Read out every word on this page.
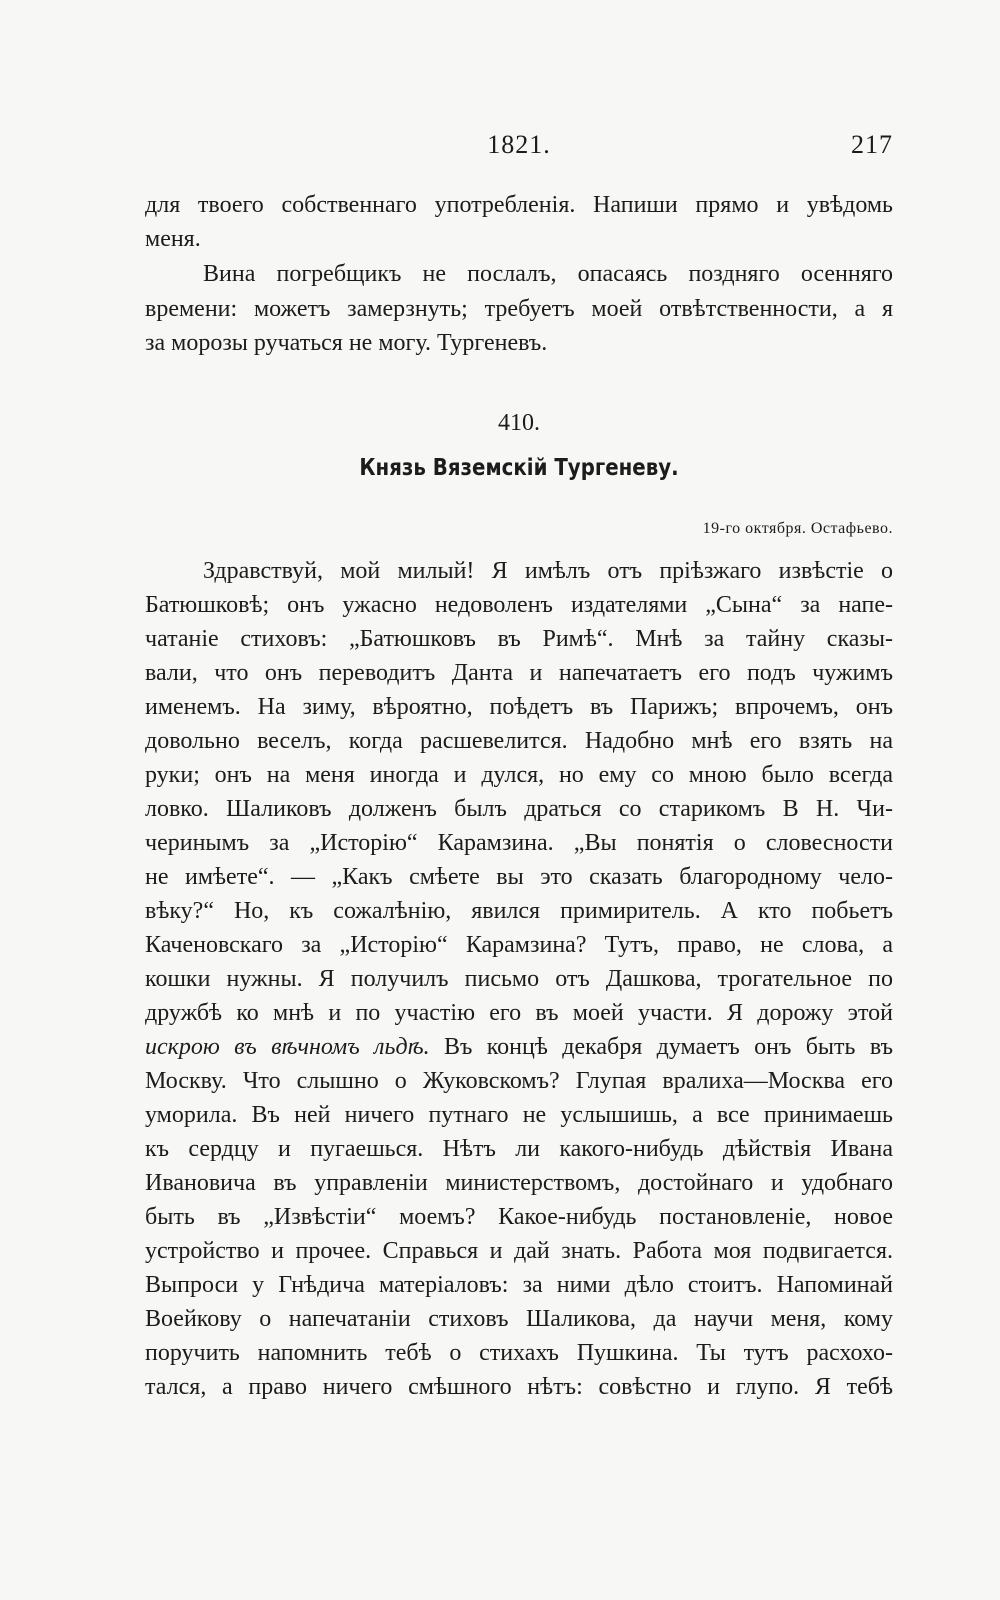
1821.	217
для твоего собственнаго употребленія. Напиши прямо и увѣдомь
меня.
Вина погребщикъ не послалъ, опасаясь поздняго осенняго
времени: можетъ замерзнуть; требуетъ моей отвѣтственности, а я
за морозы ручаться не могу. Тургеневъ.
410.
Князь Вяземскій Тургеневу.
19-го октября. Остафьево.
Здравствуй, мой милый! Я имѣлъ отъ пріѣзжаго извѣстіе о
Батюшковѣ; онъ ужасно недоволенъ издателями „Сына“ за напе-
чатаніе стиховъ: „Батюшковъ въ Римѣ“. Мнѣ за тайну сказы-
вали, что онъ переводитъ Данта и напечатаетъ его подъ чужимъ
именемъ. На зиму, вѣроятно, поѣдетъ въ Парижъ; впрочемъ, онъ
довольно веселъ, когда расшевелится. Надобно мнѣ его взять на
руки; онъ на меня иногда и дулся, но ему со мною было всегда
ловко. Шаликовъ долженъ былъ драться со старикомъ В Н. Чи-
черинымъ за „Исторію“ Карамзина. „Вы понятія о словесности
не имѣете“. — „Какъ смѣете вы это сказать благородному чело-
вѣку?“ Но, къ сожалѣнію, явился примиритель. А кто побьетъ
Каченовскаго за „Исторію“ Карамзина? Тутъ, право, не слова, а
кошки нужны. Я получилъ письмо отъ Дашкова, трогательное по
дружбѣ ко мнѣ и по участію его въ моей участи. Я дорожу этой
искрою въ вѣчномъ льдѣ. Въ концѣ декабря думаетъ онъ быть въ
Москву. Что слышно о Жуковскомъ? Глупая вралиха—Москва его
уморила. Въ ней ничего путнаго не услышишь, а все принимаешь
къ сердцу и пугаешься. Нѣтъ ли какого-нибудь дѣйствія Ивана
Ивановича въ управленіи министерствомъ, достойнаго и удобнаго
быть въ „Извѣстіи“ моемъ? Какое-нибудь постановленіе, новое
устройство и прочее. Справься и дай знать. Работа моя подвигается.
Выпроси у Гнѣдича матеріаловъ: за ними дѣло стоитъ. Напоминай
Воейкову о напечатаніи стиховъ Шаликова, да научи меня, кому
поручить напомнить тебѣ о стихахъ Пушкина. Ты тутъ расхохо-
тался, а право ничего смѣшного нѣтъ: совѣстно и глупо. Я тебѣ
